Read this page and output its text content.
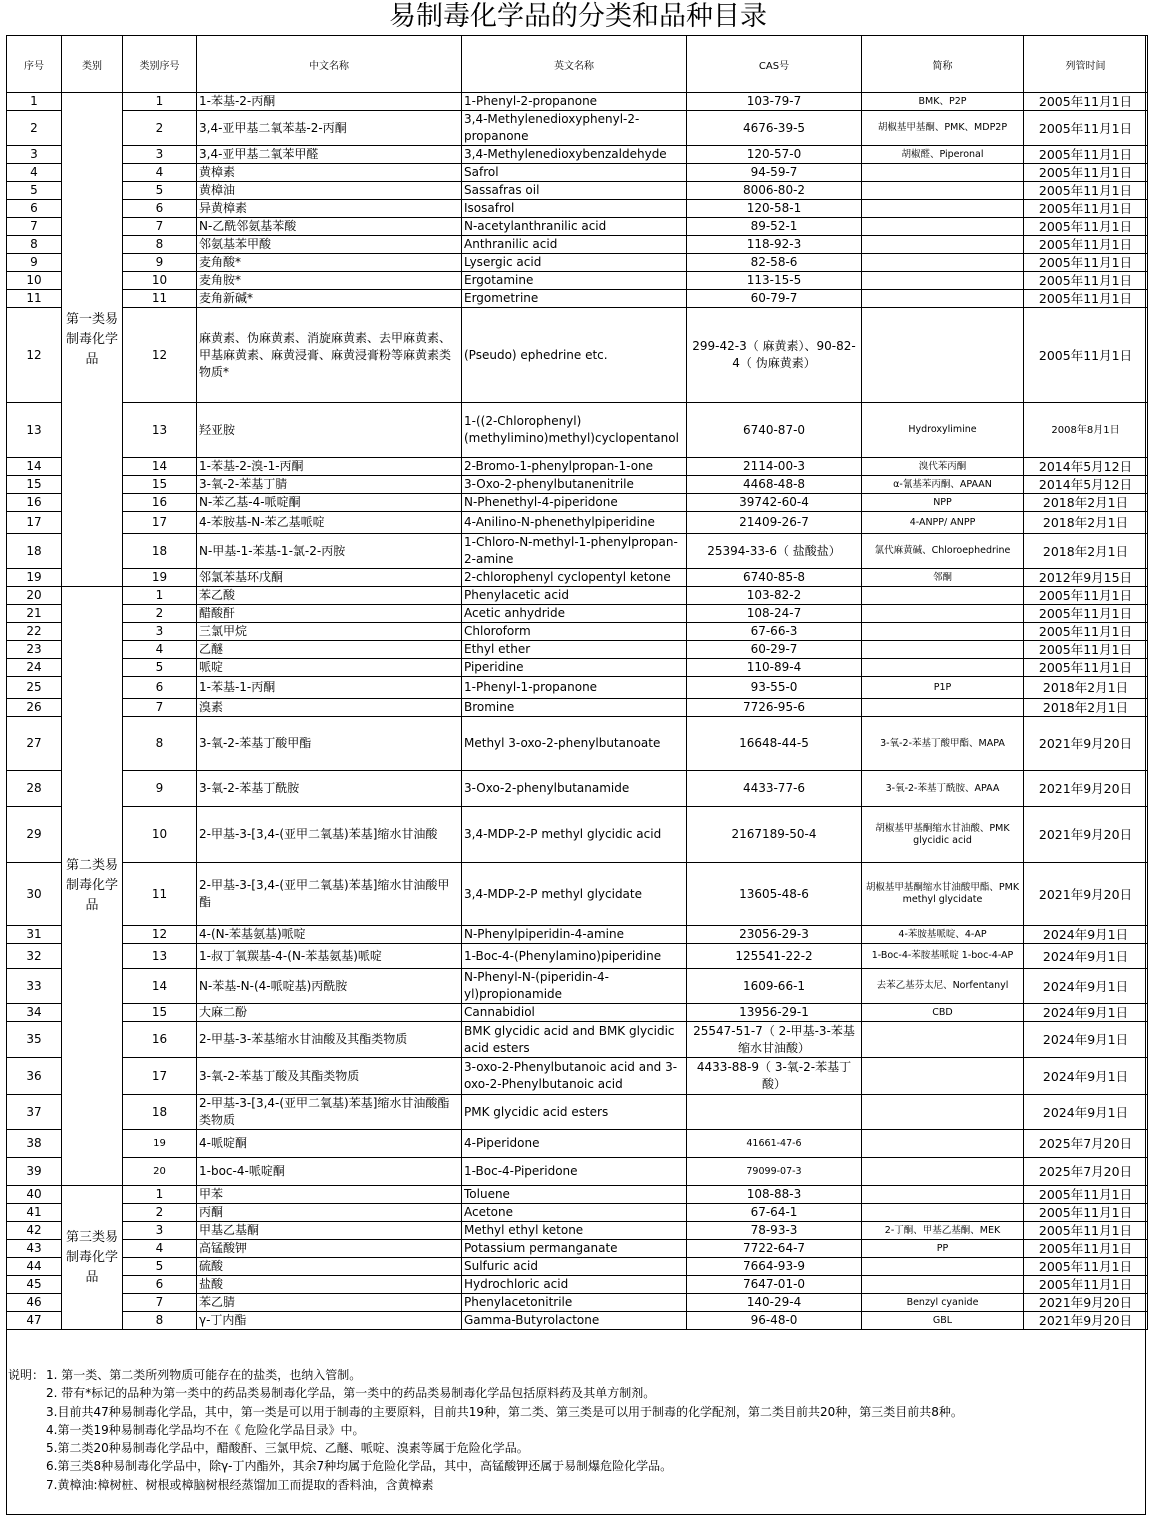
易制毒化学品的分类和品种目录
序号	类别	类别序号	中文名称	英文名称	CAS号	简称	列管时间
1	第一类易制毒化学品	1	1-苯基-2-丙酮	1-Phenyl-2-propanone	103-79-7	BMK、P2P	2005年11月1日
2		2	3,4-亚甲基二氧苯基-2-丙酮	3,4-Methylenedioxyphenyl-2-propanone	4676-39-5	胡椒基甲基酮、PMK、MDP2P	2005年11月1日
3		3	3,4-亚甲基二氧苯甲醛	3,4-Methylenedioxybenzaldehyde	120-57-0	胡椒醛、Piperonal	2005年11月1日
4		4	黄樟素	Safrol	94-59-7		2005年11月1日
5		5	黄樟油	Sassafras oil	8006-80-2		2005年11月1日
6		6	异黄樟素	Isosafrol	120-58-1		2005年11月1日
7		7	N-乙酰邻氨基苯酸	N-acetylanthranilic acid	89-52-1		2005年11月1日
8		8	邻氨基苯甲酸	Anthranilic acid	118-92-3		2005年11月1日
9		9	麦角酸*	Lysergic acid	82-58-6		2005年11月1日
10		10	麦角胺*	Ergotamine	113-15-5		2005年11月1日
11		11	麦角新碱*	Ergometrine	60-79-7		2005年11月1日
12		12	麻黄素、伪麻黄素、消旋麻黄素、去甲麻黄素、甲基麻黄素、麻黄浸膏、麻黄浸膏粉等麻黄素类物质*	(Pseudo) ephedrine etc.	299-42-3（ 麻黄素）、90-82-4（ 伪麻黄素）		2005年11月1日
13		13	羟亚胺	1-((2-Chlorophenyl)(methylimino)methyl)cyclopentanol	6740-87-0	Hydroxylimine	2008年8月1日
14		14	1-苯基-2-溴-1-丙酮	2-Bromo-1-phenylpropan-1-one	2114-00-3	溴代苯丙酮	2014年5月12日
15		15	3-氧-2-苯基丁腈	3-Oxo-2-phenylbutanenitrile	4468-48-8	α-氰基苯丙酮、APAAN	2014年5月12日
16		16	N-苯乙基-4-哌啶酮	N-Phenethyl-4-piperidone	39742-60-4	NPP	2018年2月1日
17		17	4-苯胺基-N-苯乙基哌啶	4-Anilino-N-phenethylpiperidine	21409-26-7	4-ANPP/ ANPP	2018年2月1日
18		18	N-甲基-1-苯基-1-氯-2-丙胺	1-Chloro-N-methyl-1-phenylpropan-2-amine	25394-33-6（ 盐酸盐）	氯代麻黄碱、Chloroephedrine	2018年2月1日
19		19	邻氯苯基环戊酮	2-chlorophenyl cyclopentyl ketone	6740-85-8	邻酮	2012年9月15日
20	第二类易制毒化学品	1	苯乙酸	Phenylacetic acid	103-82-2		2005年11月1日
21		2	醋酸酐	Acetic anhydride	108-24-7		2005年11月1日
22		3	三氯甲烷	Chloroform	67-66-3		2005年11月1日
23		4	乙醚	Ethyl ether	60-29-7		2005年11月1日
24		5	哌啶	Piperidine	110-89-4		2005年11月1日
25		6	1-苯基-1-丙酮	1-Phenyl-1-propanone	93-55-0	P1P	2018年2月1日
26		7	溴素	Bromine	7726-95-6		2018年2月1日
27		8	3-氧-2-苯基丁酸甲酯	Methyl 3-oxo-2-phenylbutanoate	16648-44-5	3-氧-2-苯基丁酸甲酯、MAPA	2021年9月20日
28		9	3-氧-2-苯基丁酰胺	3-Oxo-2-phenylbutanamide	4433-77-6	3-氧-2-苯基丁酰胺、APAA	2021年9月20日
29		10	2-甲基-3-[3,4-(亚甲二氧基)苯基]缩水甘油酸	3,4-MDP-2-P methyl glycidic acid	2167189-50-4	胡椒基甲基酮缩水甘油酸、PMK glycidic acid	2021年9月20日
30		11	2-甲基-3-[3,4-(亚甲二氧基)苯基]缩水甘油酸甲酯	3,4-MDP-2-P methyl glycidate	13605-48-6	胡椒基甲基酮缩水甘油酸甲酯、PMK methyl glycidate	2021年9月20日
31		12	4-(N-苯基氨基)哌啶	N-Phenylpiperidin-4-amine	23056-29-3	4-苯胺基哌啶、4-AP	2024年9月1日
32		13	1-叔丁氧羰基-4-(N-苯基氨基)哌啶	1-Boc-4-(Phenylamino)piperidine	125541-22-2	1-Boc-4-苯胺基哌啶 1-boc-4-AP	2024年9月1日
33		14	N-苯基-N-(4-哌啶基)丙酰胺	N-Phenyl-N-(piperidin-4-yl)propionamide	1609-66-1	去苯乙基芬太尼、Norfentanyl	2024年9月1日
34		15	大麻二酚	Cannabidiol	13956-29-1	CBD	2024年9月1日
35		16	2-甲基-3-苯基缩水甘油酸及其酯类物质	BMK glycidic acid and BMK glycidic acid esters	25547-51-7（ 2-甲基-3-苯基缩水甘油酸）		2024年9月1日
36		17	3-氧-2-苯基丁酸及其酯类物质	3-oxo-2-Phenylbutanoic acid and 3-oxo-2-Phenylbutanoic acid	4433-88-9（ 3-氧-2-苯基丁酸）		2024年9月1日
37		18	2-甲基-3-[3,4-(亚甲二氧基)苯基]缩水甘油酸酯类物质	PMK glycidic acid esters			2024年9月1日
38		19	4-哌啶酮	4-Piperidone	41661-47-6		2025年7月20日
39		20	1-boc-4-哌啶酮	1-Boc-4-Piperidone	79099-07-3		2025年7月20日
40	第三类易制毒化学品	1	甲苯	Toluene	108-88-3		2005年11月1日
41		2	丙酮	Acetone	67-64-1		2005年11月1日
42		3	甲基乙基酮	Methyl ethyl ketone	78-93-3	2-丁酮、甲基乙基酮、MEK	2005年11月1日
43		4	高锰酸钾	Potassium permanganate	7722-64-7	PP	2005年11月1日
44		5	硫酸	Sulfuric acid	7664-93-9		2005年11月1日
45		6	盐酸	Hydrochloric acid	7647-01-0		2005年11月1日
46		7	苯乙腈	Phenylacetonitrile	140-29-4	Benzyl cyanide	2021年9月20日
47		8	γ-丁内酯	Gamma-Butyrolactone	96-48-0	GBL	2021年9月20日
说明： 1. 第一类、第二类所列物质可能存在的盐类，也纳入管制。
2. 带有*标记的品种为第一类中的药品类易制毒化学品，第一类中的药品类易制毒化学品包括原料药及其单方制剂。
3.目前共47种易制毒化学品，其中，第一类是可以用于制毒的主要原料，目前共19种，第二类、第三类是可以用于制毒的化学配剂，第二类目前共20种，第三类目前共8种。
4.第一类19种易制毒化学品均不在《 危险化学品目录》中。
5.第二类20种易制毒化学品中，醋酸酐、三氯甲烷、乙醚、哌啶、溴素等属于危险化学品。
6.第三类8种易制毒化学品中，除γ-丁内酯外，其余7种均属于危险化学品，其中，高锰酸钾还属于易制爆危险化学品。
7.黄樟油:樟树桩、树根或樟脑树根经蒸馏加工而提取的香料油，含黄樟素
